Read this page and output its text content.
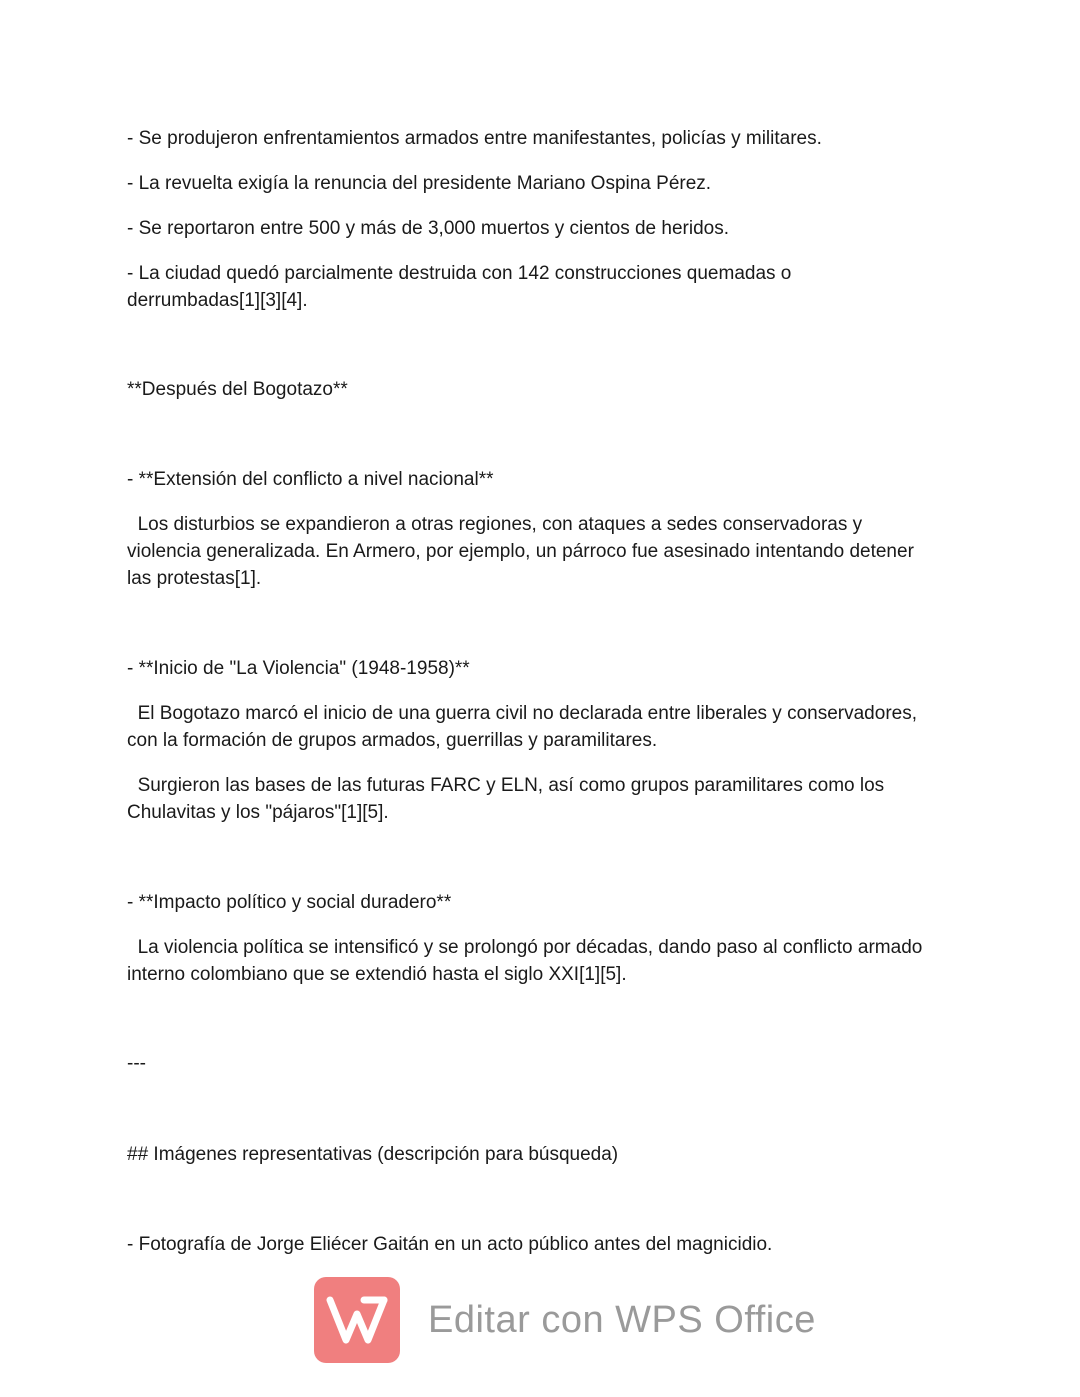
- Se produjeron enfrentamientos armados entre manifestantes, policías y militares.

- La revuelta exigía la renuncia del presidente Mariano Ospina Pérez.

- Se reportaron entre 500 y más de 3,000 muertos y cientos de heridos.

- La ciudad quedó parcialmente destruida con 142 construcciones quemadas o
derrumbadas[1][3][4].

**Después del Bogotazo**

- **Extensión del conflicto a nivel nacional**

Los disturbios se expandieron a otras regiones, con ataques a sedes conservadoras y
violencia generalizada. En Armero, por ejemplo, un párroco fue asesinado intentando detener
las protestas[1].

- **Inicio de "La Violencia" (1948-1958)**

El Bogotazo marcó el inicio de una guerra civil no declarada entre liberales y conservadores,
con la formación de grupos armados, guerrillas y paramilitares.

Surgieron las bases de las futuras FARC y ELN, así como grupos paramilitares como los
Chulavitas y los "pájaros"[1][5].

- **Impacto político y social duradero**

La violencia política se intensificó y se prolongó por décadas, dando paso al conflicto armado
interno colombiano que se extendió hasta el siglo XXI[1][5].

---

## Imágenes representativas (descripción para búsqueda)

- Fotografía de Jorge Eliécer Gaitán en un acto público antes del magnicidio.

Editar con WPS Office
